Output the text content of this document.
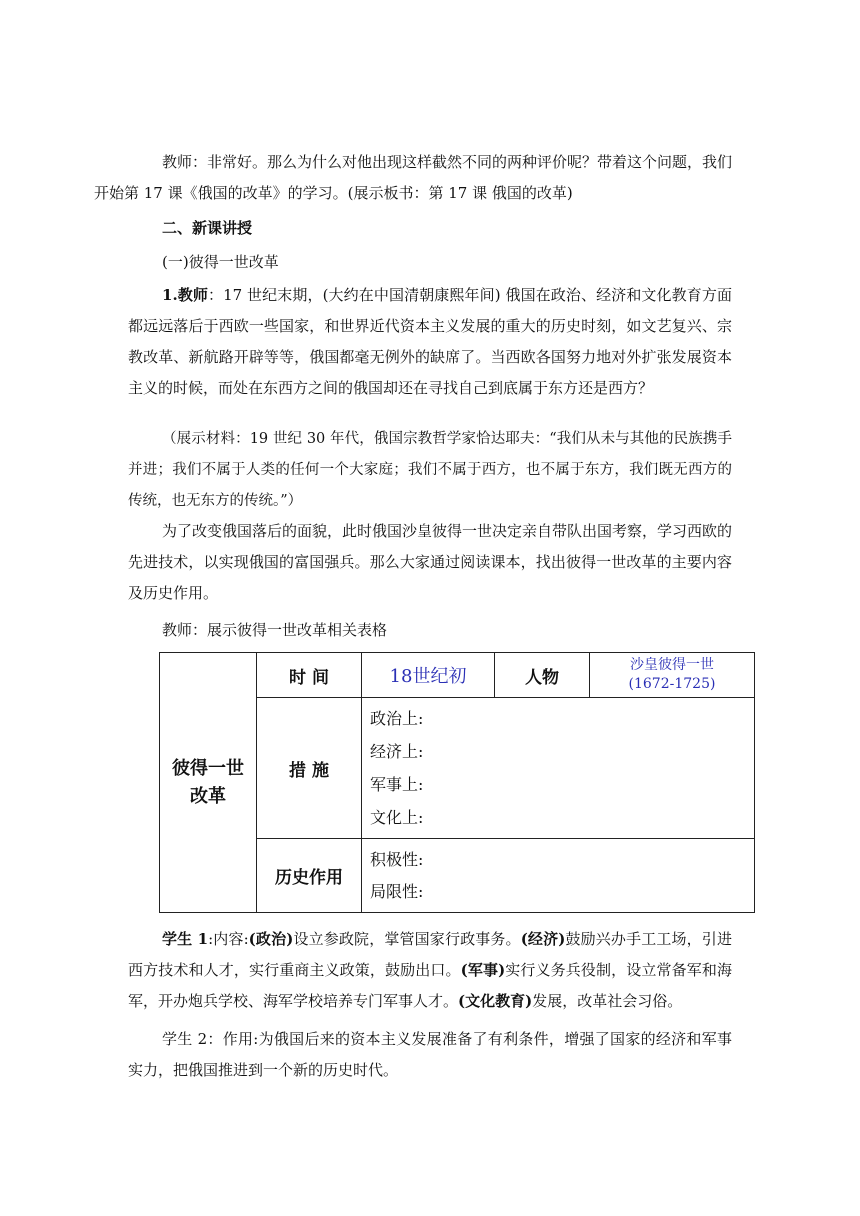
教师：非常好。那么为什么对他出现这样截然不同的两种评价呢？带着这个问题，我们
开始第 17 课《俄国的改革》的学习。(展示板书：第 17 课 俄国的改革)

二、新课讲授

(一)彼得一世改革

1.教师：17 世纪末期，(大约在中国清朝康熙年间) 俄国在政治、经济和文化教育方面都远远落后于西欧一些国家，和世界近代资本主义发展的重大的历史时刻，如文艺复兴、宗教改革、新航路开辟等等，俄国都毫无例外的缺席了。当西欧各国努力地对外扩张发展资本主义的时候，而处在东西方之间的俄国却还在寻找自己到底属于东方还是西方？

（展示材料：19 世纪 30 年代，俄国宗教哲学家恰达耶夫：“我们从未与其他的民族携手并进；我们不属于人类的任何一个大家庭；我们不属于西方，也不属于东方，我们既无西方的传统，也无东方的传统。”）

为了改变俄国落后的面貌，此时俄国沙皇彼得一世决定亲自带队出国考察，学习西欧的先进技术，以实现俄国的富国强兵。那么大家通过阅读课本，找出彼得一世改革的主要内容及历史作用。

教师：展示彼得一世改革相关表格

彼得一世改革	时 间	18世纪初	人物	沙皇彼得一世
(1672-1725)

	措 施	政治上:
经济上:
军事上:
文化上:		

	历史作用	积极性:
局限性:		

学生 1:内容:(政治)设立参政院，掌管国家行政事务。(经济)鼓励兴办手工工场，引进西方技术和人才，实行重商主义政策，鼓励出口。(军事)实行义务兵役制，设立常备军和海军，开办炮兵学校、海军学校培养专门军事人才。(文化教育)发展，改革社会习俗。

学生 2：作用:为俄国后来的资本主义发展准备了有利条件，增强了国家的经济和军事实力，把俄国推进到一个新的历史时代。
